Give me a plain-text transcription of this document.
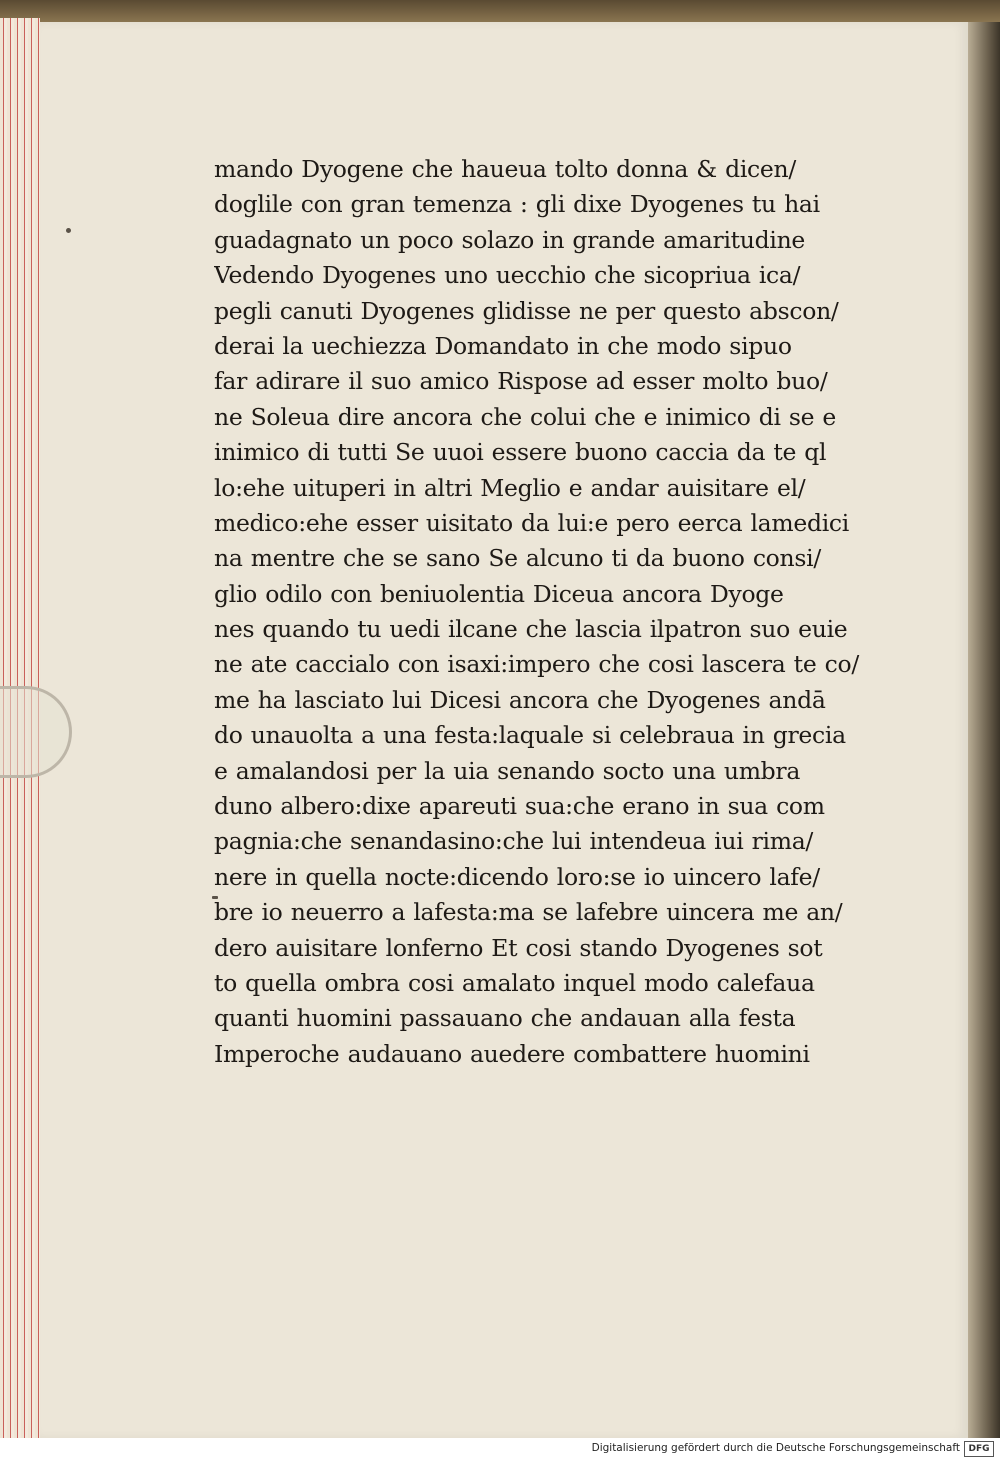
mando Dyogene che haueua tolto donna & dicen/
doglile con gran temenza : gli dixe Dyogenes tu hai
guadagnato un poco solazo in grande amaritudine
Vedendo Dyogenes uno uecchio che sicopriua ica/
pegli canuti Dyogenes glidisse ne per questo abscon/
derai la uechiezza Domandato in che modo sipuo
far adirare il suo amico Rispose ad esser molto buo/
ne Soleua dire ancora che colui che e inimico di se e
inimico di tutti Se uuoi essere buono caccia da te ql
lo:ehe uituperi in altri Meglio e andar auisitare el/
medico:ehe esser uisitato da lui:e pero eerca lamedici
na mentre che se sano Se alcuno ti da buono consi/
glio odilo con beniuolentia Diceua ancora Dyoge
nes quando tu uedi ilcane che lascia ilpatron suo euie
ne ate caccialo con isaxi:impero che cosi lascera te co/
me ha lasciato lui Dicesi ancora che Dyogenes andā
do unauolta a una festa:laquale si celebraua in grecia
e amalandosi per la uia senando socto una umbra
duno albero:dixe apareuti sua:che erano in sua com
pagnia:che senandasino:che lui intendeua iui rima/
nere in quella nocte:dicendo loro:se io uincero lafe/
bre io neuerro a lafesta:ma se lafebre uincera me an/
dero auisitare lonferno Et cosi stando Dyogenes sot
to quella ombra cosi amalato inquel modo calefaua
quanti huomini passauano che andauan alla festa
Imperoche audauano auedere combattere huomini
Digitalisierung gefördert durch die Deutsche Forschungsgemeinschaft DFG
